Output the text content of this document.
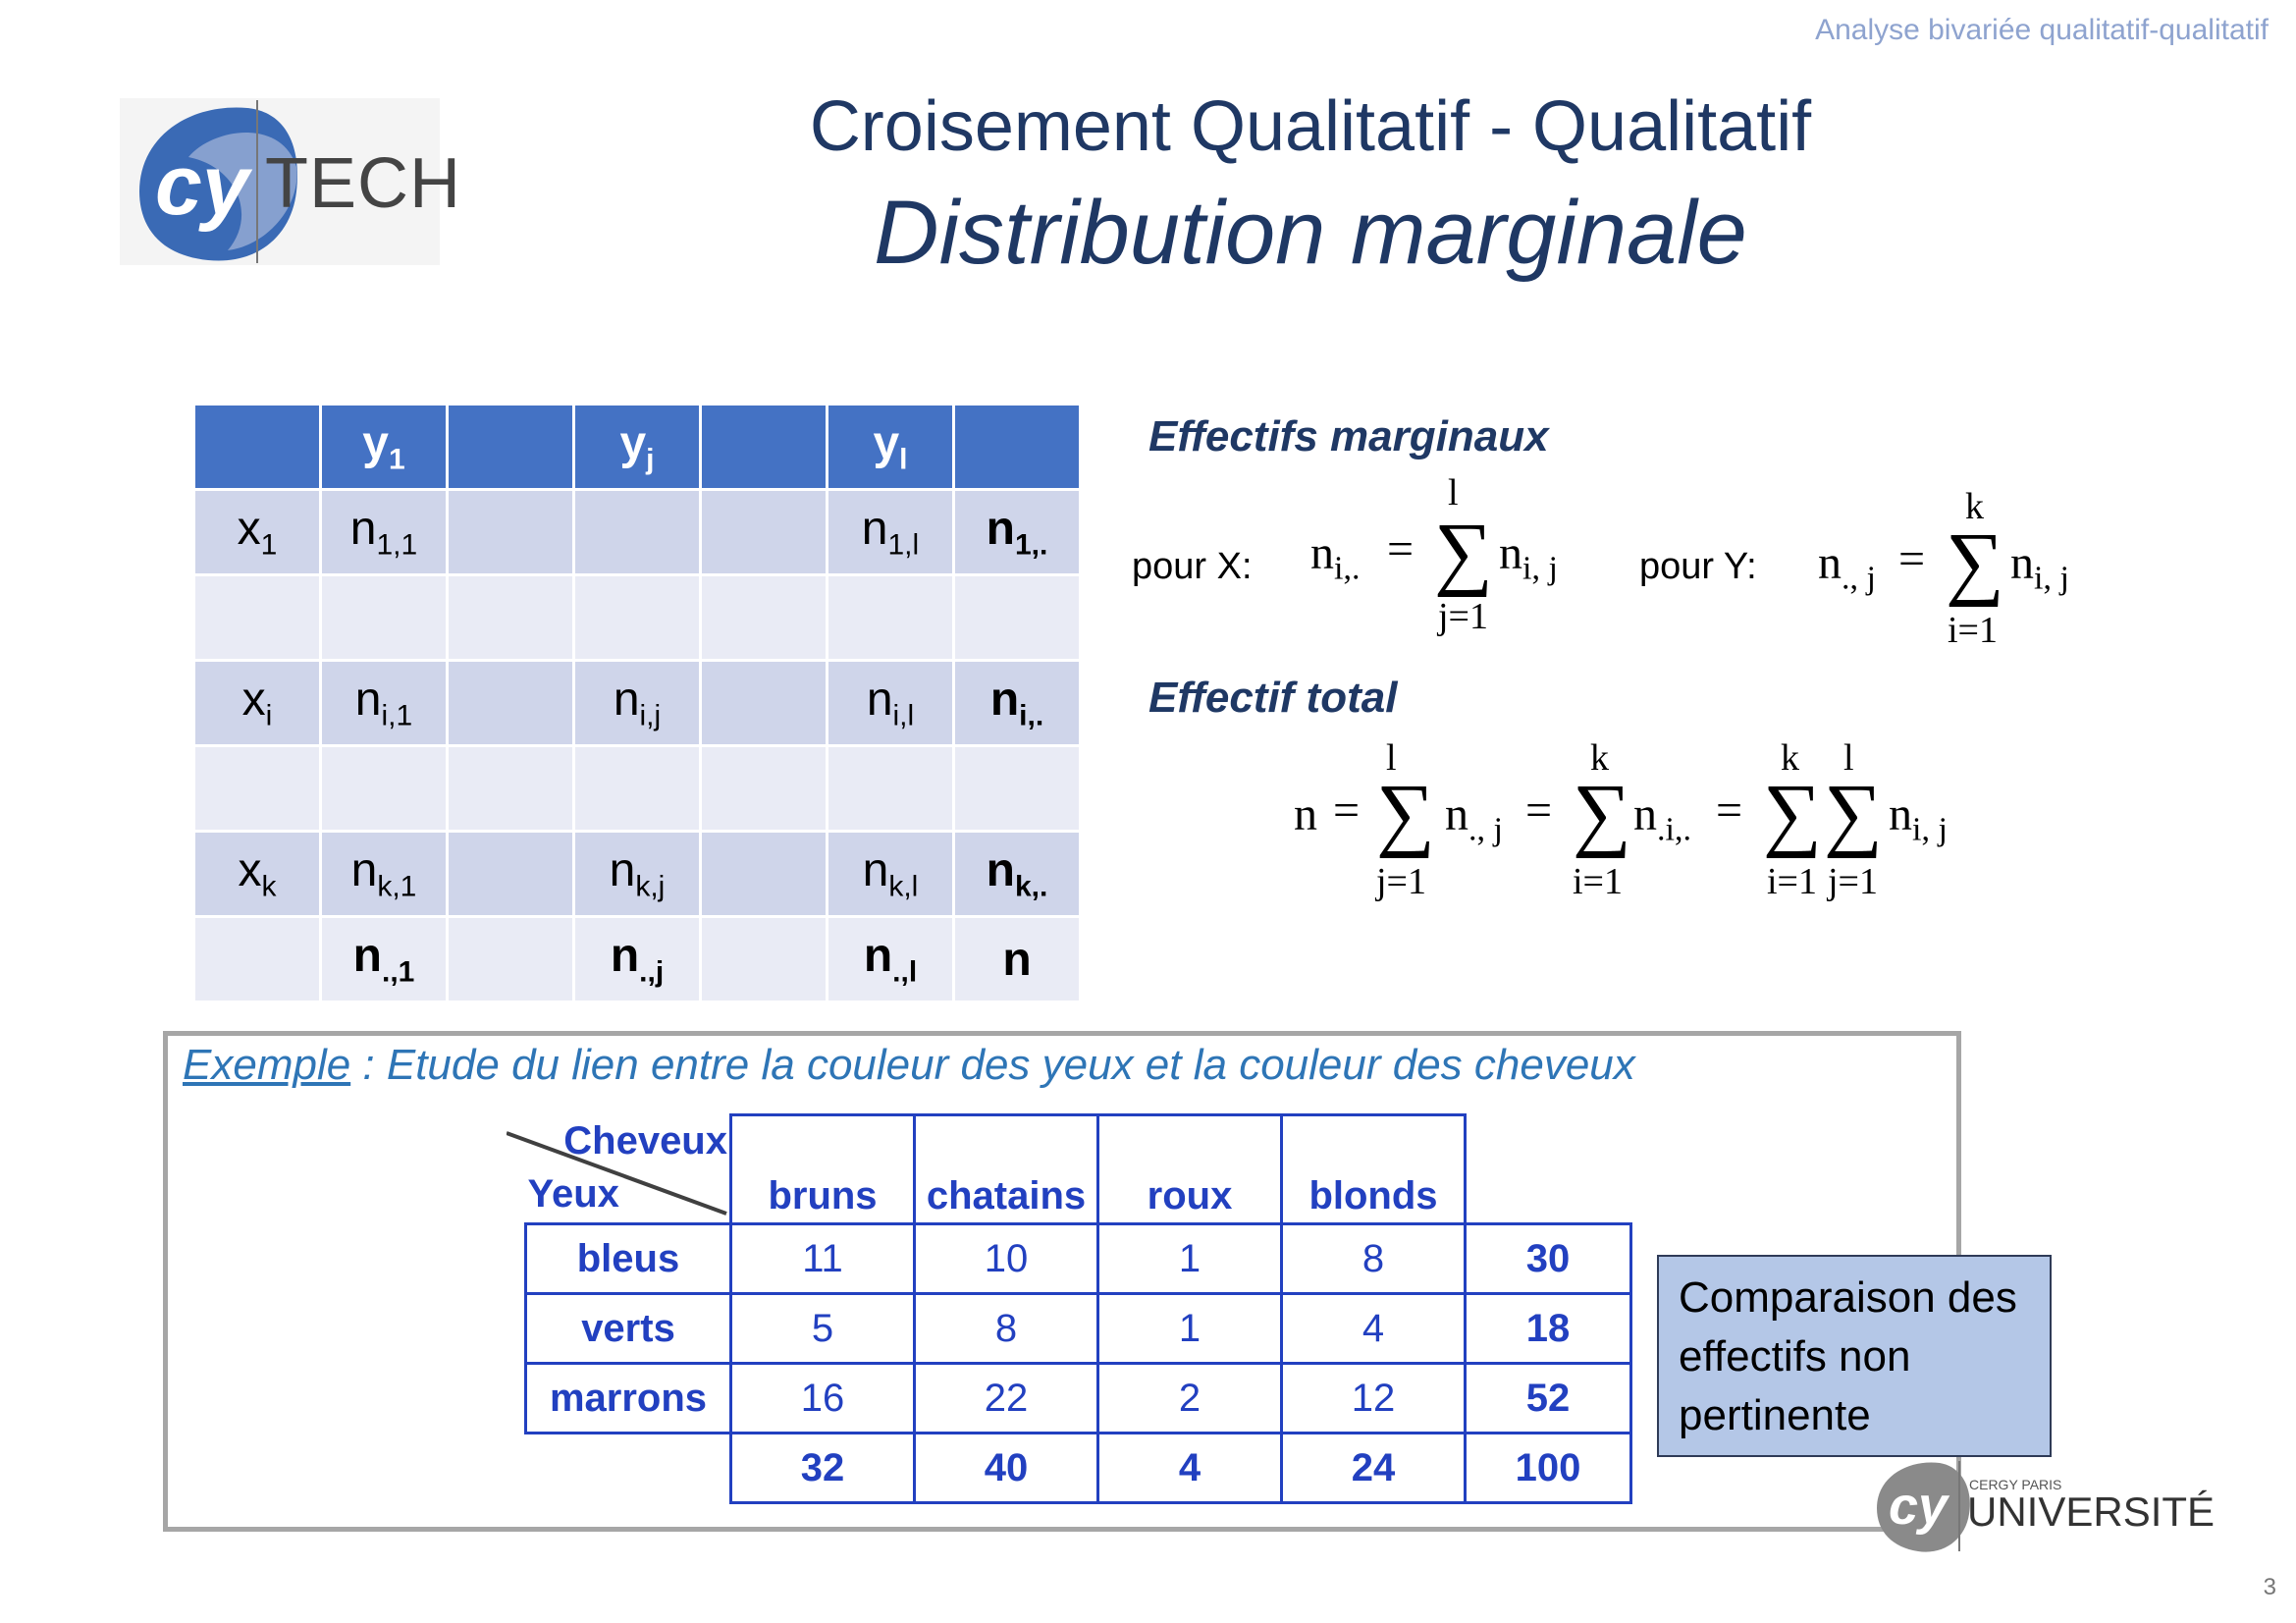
Analyse bivariée qualitatif-qualitatif
3
cy TECH
Croisement Qualitatif - Qualitatif
Distribution marginale
	$y_1$		$y_j$		$y_l$	
$x_1$	$n_{1,1}$				$n_{1,l}$	$n_{1,.}$

$x_i$	$n_{i,1}$		$n_{i,j}$		$n_{i,l}$	$n_{i,.}$

$x_k$	$n_{k,1}$		$n_{k,j}$		$n_{k,l}$	$n_{k,.}$
	$n_{.,1}$		$n_{.,j}$		$n_{.,l}$	n
Effectifs marginaux
pour X:	pour Y:
l
$n_{i,.}$ = ∑ $n_{i, j}$
j=1
k
$n_{., j}$ = ∑ $n_{i, j}$
i=1
Effectif total
n =
l
∑ $n_{., j}$
j=1
=
k
∑ $n_{.i,.}$
i=1
=
k
∑
l
∑ $n_{i, j}$
i=1 j=1
Exemple : Etude du lien entre la couleur des yeux et la couleur des cheveux
Cheveux
Yeux	bruns	chatains	roux	blonds	
bleus	11	10	1	8	30
verts	5	8	1	4	18
marrons	16	22	2	12	52
	32	40	4	24	100
Comparaison des effectifs non pertinente
cy CERGY PARIS
UNIVERSITÉ
